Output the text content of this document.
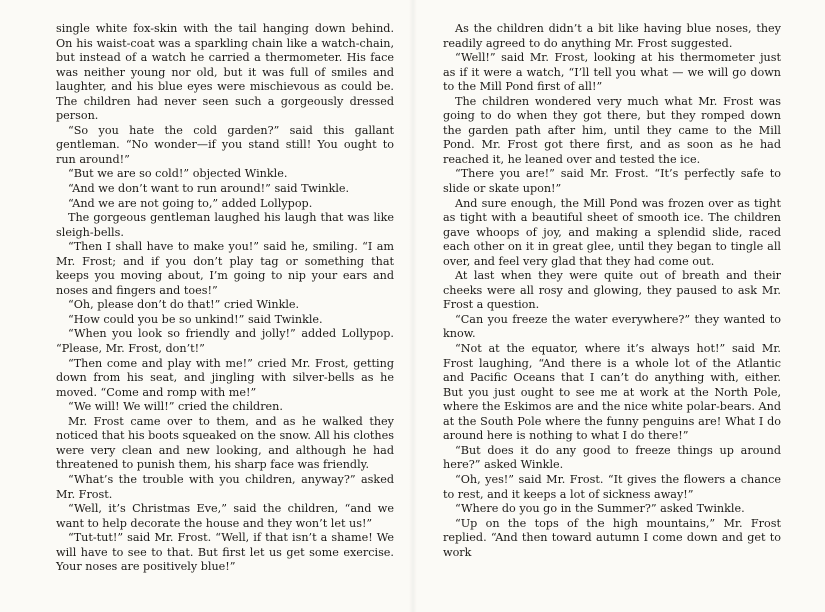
single white fox-skin with the tail hanging down behind. On his waist-coat was a sparkling chain like a watch-chain, but instead of a watch he carried a thermometer. His face was neither young nor old, but it was full of smiles and laughter, and his blue eyes were mischievous as could be. The children had never seen such a gorgeously dressed person.

“So you hate the cold garden?” said this gallant gentleman. “No wonder—if you stand still! You ought to run around!”

“But we are so cold!” objected Winkle.

“And we don’t want to run around!” said Twinkle.

“And we are not going to,” added Lollypop.

The gorgeous gentleman laughed his laugh that was like sleigh-bells.

“Then I shall have to make you!” said he, smiling. “I am Mr. Frost; and if you don’t play tag or something that keeps you moving about, I’m going to nip your ears and noses and fingers and toes!”

“Oh, please don’t do that!” cried Winkle.

“How could you be so unkind!” said Twinkle.

“When you look so friendly and jolly!” added Lollypop. “Please, Mr. Frost, don’t!”

“Then come and play with me!” cried Mr. Frost, getting down from his seat, and jingling with silver-bells as he moved. “Come and romp with me!”

“We will! We will!” cried the children.

Mr. Frost came over to them, and as he walked they noticed that his boots squeaked on the snow. All his clothes were very clean and new looking, and although he had threatened to punish them, his sharp face was friendly.

“What’s the trouble with you children, anyway?” asked Mr. Frost.

“Well, it’s Christmas Eve,” said the children, “and we want to help decorate the house and they won’t let us!”

“Tut-tut!” said Mr. Frost. “Well, if that isn’t a shame! We will have to see to that. But first let us get some exercise. Your noses are positively blue!”

As the children didn’t a bit like having blue noses, they readily agreed to do anything Mr. Frost suggested.

“Well!” said Mr. Frost, looking at his thermometer just as if it were a watch, “I’ll tell you what — we will go down to the Mill Pond first of all!”

The children wondered very much what Mr. Frost was going to do when they got there, but they romped down the garden path after him, until they came to the Mill Pond. Mr. Frost got there first, and as soon as he had reached it, he leaned over and tested the ice.

“There you are!” said Mr. Frost. “It’s perfectly safe to slide or skate upon!”

And sure enough, the Mill Pond was frozen over as tight as tight with a beautiful sheet of smooth ice. The children gave whoops of joy, and making a splendid slide, raced each other on it in great glee, until they began to tingle all over, and feel very glad that they had come out.

At last when they were quite out of breath and their cheeks were all rosy and glowing, they paused to ask Mr. Frost a question.

“Can you freeze the water everywhere?” they wanted to know.

“Not at the equator, where it’s always hot!” said Mr. Frost laughing, “And there is a whole lot of the Atlantic and Pacific Oceans that I can’t do anything with, either. But you just ought to see me at work at the North Pole, where the Eskimos are and the nice white polar-bears. And at the South Pole where the funny penguins are! What I do around here is nothing to what I do there!”

“But does it do any good to freeze things up around here?” asked Winkle.

“Oh, yes!” said Mr. Frost. “It gives the flowers a chance to rest, and it keeps a lot of sickness away!”

“Where do you go in the Summer?” asked Twinkle.

“Up on the tops of the high mountains,” Mr. Frost replied. “And then toward autumn I come down and get to work
